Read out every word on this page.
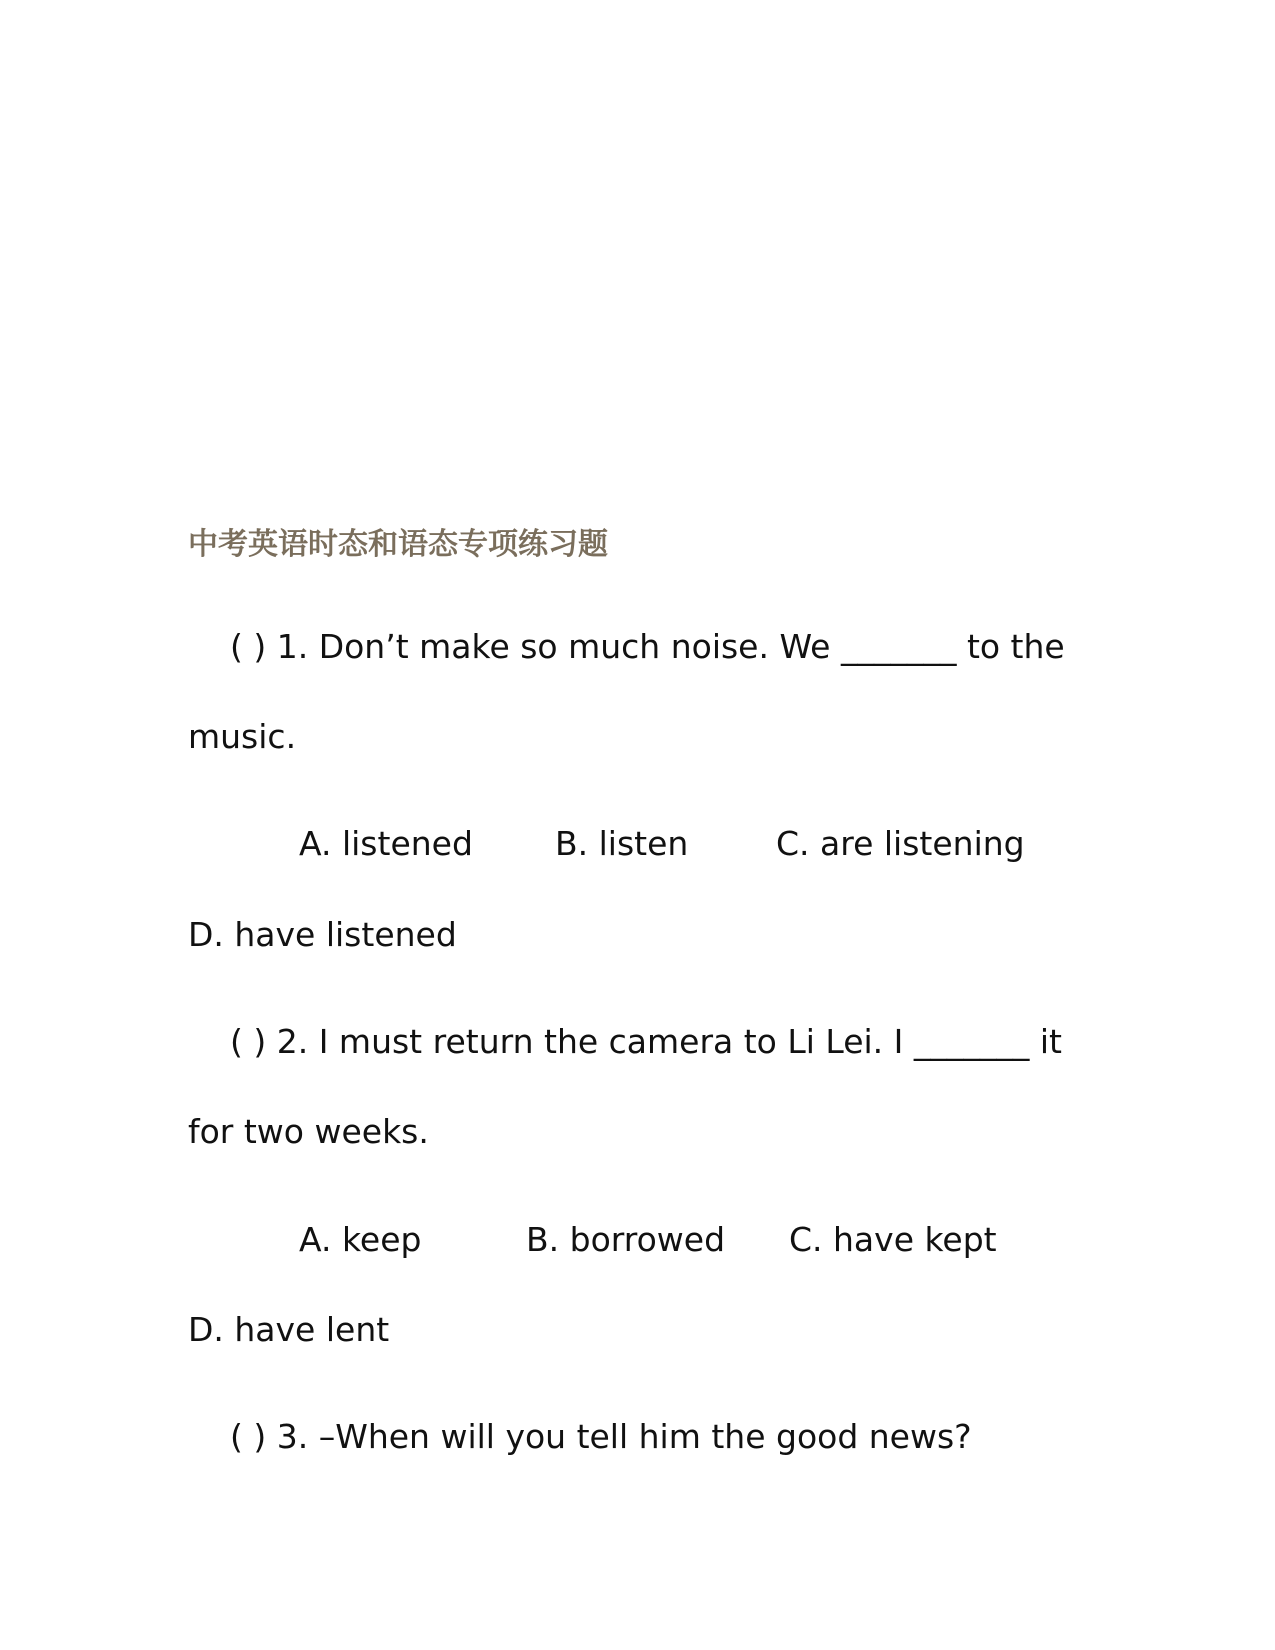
中考英语时态和语态专项练习题
( ) 1. Don’t make so much noise. We _______ to the
music.
A. listened B. listen	C. are listening
D. have listened
( ) 2. I must return the camera to Li Lei. I _______ it
for two weeks.
A. keep	B. borrowed C. have kept
D. have lent
( ) 3. –When will you tell him the good news?
